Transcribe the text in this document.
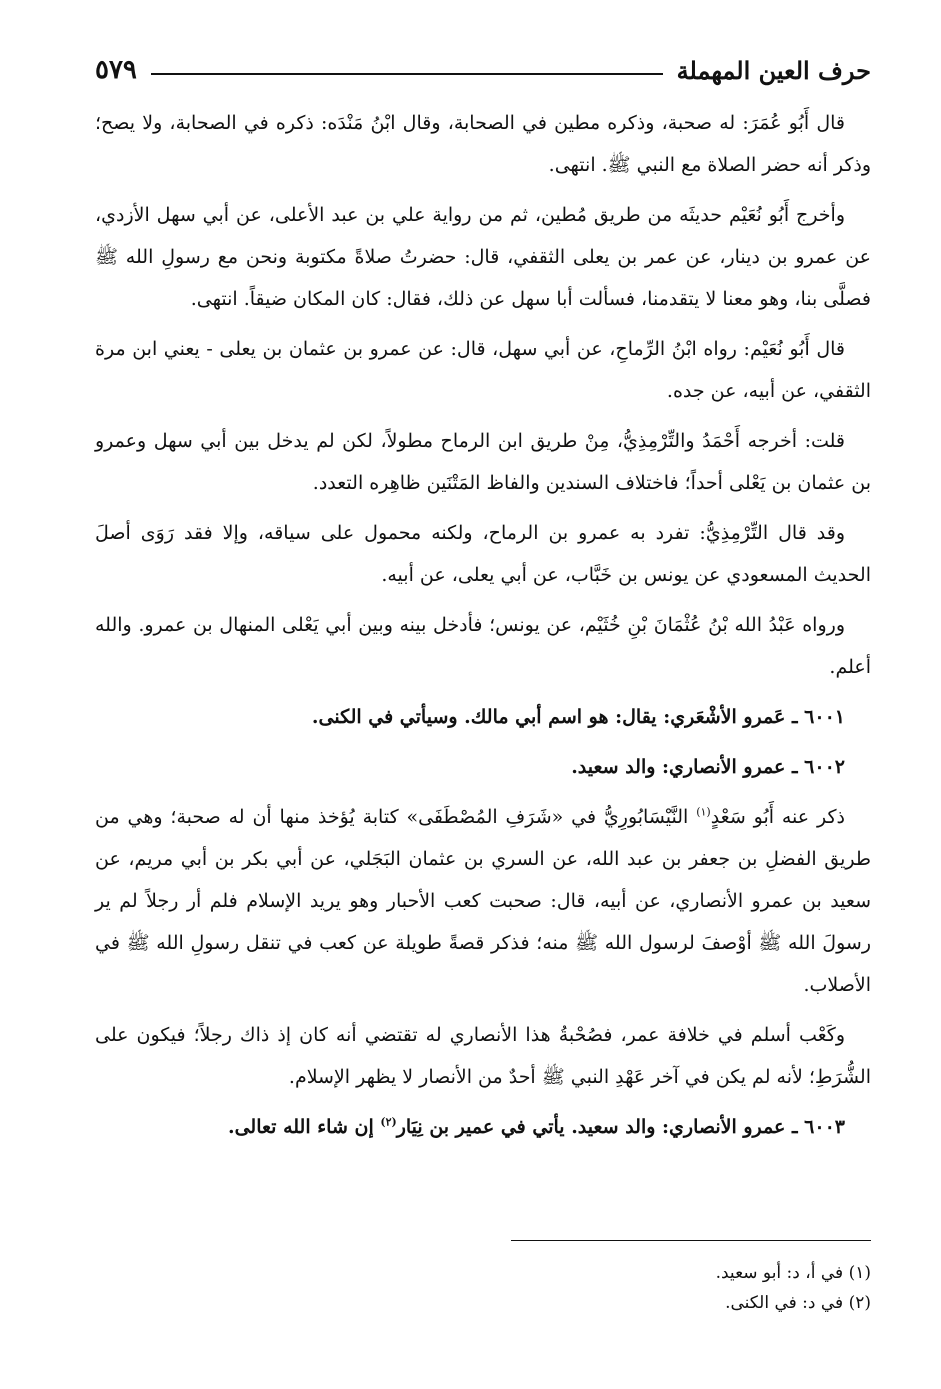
٥٧٩	حرف العين المهملة

قال أَبُو عُمَرَ: له صحبة، وذكره مطين في الصحابة، وقال ابْنُ مَنْدَه: ذكره في الصحابة، ولا يصح؛ وذكر أنه حضر الصلاة مع النبي ﷺ. انتهى.

وأخرج أَبُو نُعَيْم حديثَه من طريق مُطين، ثم من رواية علي بن عبد الأعلى، عن أبي سهل الأزدي، عن عمرو بن دينار، عن عمر بن يعلى الثقفي، قال: حضرتُ صلاةً مكتوبة ونحن مع رسولِ الله ﷺ فصلَّى بنا، وهو معنا لا يتقدمنا، فسألت أبا سهل عن ذلك، فقال: كان المكان ضيقاً. انتهى.

قال أَبُو نُعَيْم: رواه ابْنُ الرِّماحِ، عن أبي سهل، قال: عن عمرو بن عثمان بن يعلى - يعني ابن مرة الثقفي، عن أبيه، عن جده.

قلت: أخرجه أَحْمَدُ والتِّرْمِذِيُّ، مِنْ طريق ابن الرماح مطولاً، لكن لم يدخل بين أبي سهل وعمرو بن عثمان بن يَعْلى أحداً؛ فاختلاف السندين والفاظ المَتْنَين ظاهِره التعدد.

وقد قال التِّرْمِذِيُّ: تفرد به عمرو بن الرماح، ولكنه محمول على سياقه، وإلا فقد رَوَى أصلَ الحديث المسعودي عن يونس بن خَبَّاب، عن أبي يعلى، عن أبيه.

ورواه عَبْدُ الله بْنُ عُثْمَانَ بْنِ خُثَيْم، عن يونس؛ فأدخل بينه وبين أبي يَعْلى المنهال بن عمرو. والله أعلم.

٦٠٠١ ـ عَمرو الأشْعَري: يقال: هو اسم أبي مالك. وسيأتي في الكنى.

٦٠٠٢ ـ عمرو الأنصاري: والد سعيد.

ذكر عنه أَبُو سَعْدٍ$^{(١)}$ النَّيْسَابُورِيُّ في «شَرَفِ المُصْطَفَى» كتابة يُؤخذ منها أن له صحبة؛ وهي من طريق الفضلِ بن جعفر بن عبد الله، عن السري بن عثمان البَجَلي، عن أبي بكر بن أبي مريم، عن سعيد بن عمرو الأنصاري، عن أبيه، قال: صحبت كعب الأحبار وهو يريد الإسلام فلم أر رجلاً لم ير رسولَ الله ﷺ أوْصفَ لرسول الله ﷺ منه؛ فذكر قصةً طويلة عن كعب في تنقل رسولِ الله ﷺ في الأصلاب.

وكَعْب أسلم في خلافة عمر، فصُحْبةُ هذا الأنصاري له تقتضي أنه كان إذ ذاك رجلاً؛ فيكون على الشُّرَطِ؛ لأنه لم يكن في آخر عَهْدِ النبي ﷺ أحدٌ من الأنصار لا يظهر الإسلام.

٦٠٠٣ ـ عمرو الأنصاري: والد سعيد. يأتي في عمير بن نِيَار$^{(٢)}$ إن شاء الله تعالى.

(١) في أ، د: أبو سعيد.
(٢) في د: في الكنى.
